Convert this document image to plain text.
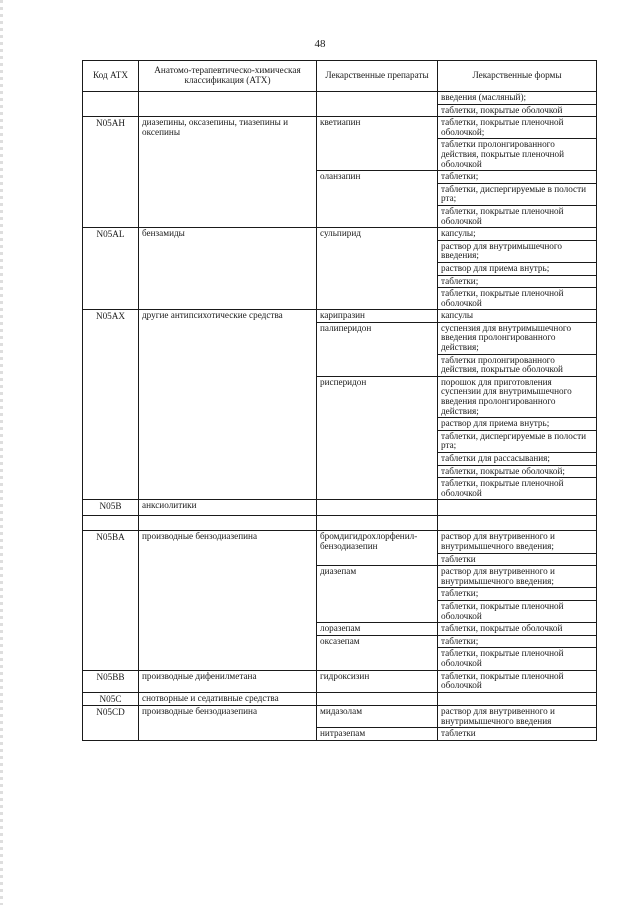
48
Код АТХ	Анатомо-терапевтическо-химическая классификация (АТХ)	Лекарственные препараты	Лекарственные формы
			введения (масляный);
			таблетки, покрытые оболочкой
N05AH	диазепины, оксазепины, тиазепины и оксепины	кветиапин	таблетки, покрытые пленочной оболочкой;
			таблетки пролонгированного действия, покрытые пленочной оболочкой
		оланзапин	таблетки;
			таблетки, диспергируемые в полости рта;
			таблетки, покрытые пленочной оболочкой
N05AL	бензамиды	сульпирид	капсулы;
			раствор для внутримышечного введения;
			раствор для приема внутрь;
			таблетки;
			таблетки, покрытые пленочной оболочкой
N05AX	другие антипсихотические средства	карипразин	капсулы
		палиперидон	суспензия для внутримышечного введения пролонгированного действия;
			таблетки пролонгированного действия, покрытые оболочкой
		рисперидон	порошок для приготовления суспензии для внутримышечного введения пролонгированного действия;
			раствор для приема внутрь;
			таблетки, диспергируемые в полости рта;
			таблетки для рассасывания;
			таблетки, покрытые оболочкой;
			таблетки, покрытые пленочной оболочкой
N05B	анксиолитики		

N05BA	производные бензодиазепина	бромдигидрохлорфенил-бензодиазепин	раствор для внутривенного и внутримышечного введения;
			таблетки
		диазепам	раствор для внутривенного и внутримышечного введения;
			таблетки;
			таблетки, покрытые пленочной оболочкой
		лоразепам	таблетки, покрытые оболочкой
		оксазепам	таблетки;
			таблетки, покрытые пленочной оболочкой
N05BB	производные дифенилметана	гидроксизин	таблетки, покрытые пленочной оболочкой
N05C	снотворные и седативные средства		
N05CD	производные бензодиазепина	мидазолам	раствор для внутривенного и внутримышечного введения
		нитразепам	таблетки
